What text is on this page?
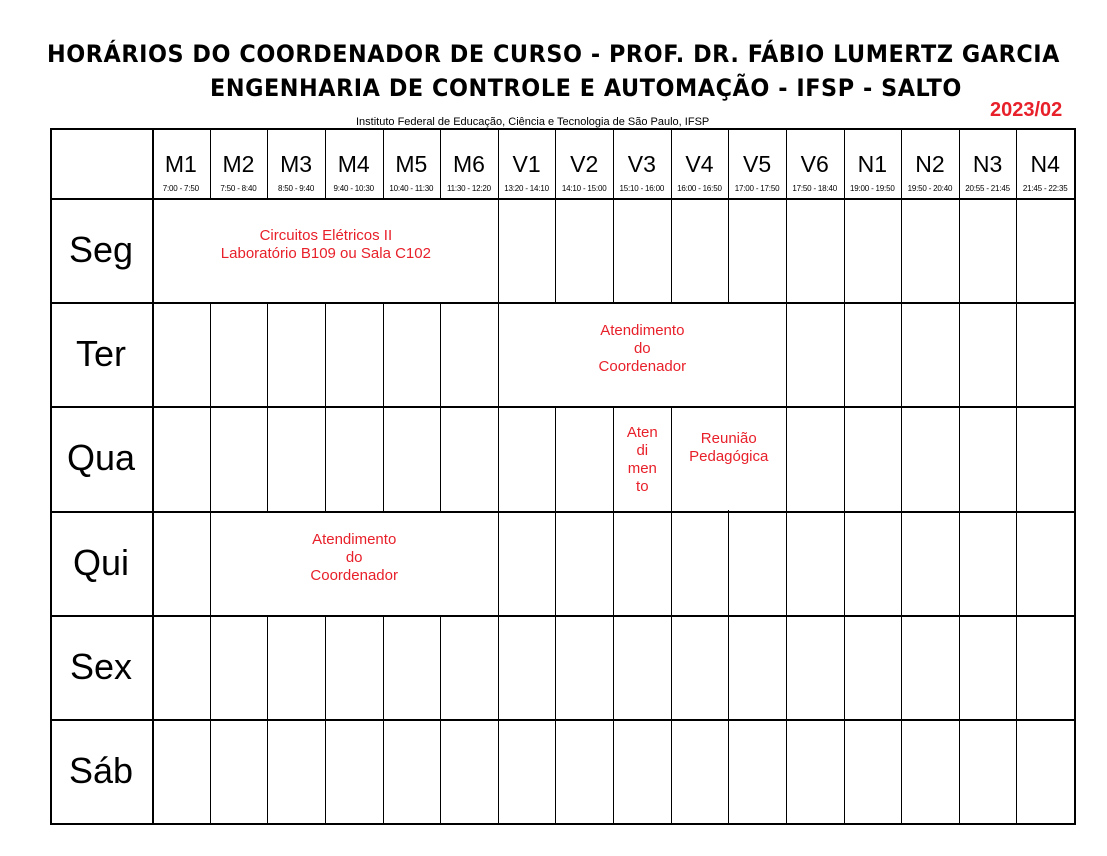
HORÁRIOS DO COORDENADOR DE CURSO - PROF. DR. FÁBIO LUMERTZ GARCIA
ENGENHARIA DE CONTROLE E AUTOMAÇÃO - IFSP - SALTO
2023/02
Instituto Federal de Educação, Ciência e Tecnologia de São Paulo, IFSP
M1
7:00 - 7:50
M2
7:50 - 8:40
M3
8:50 - 9:40
M4
9:40 - 10:30
M5
10:40 - 11:30
M6
11:30 - 12:20
V1
13:20 - 14:10
V2
14:10 - 15:00
V3
15:10 - 16:00
V4
16:00 - 16:50
V5
17:00 - 17:50
V6
17:50 - 18:40
N1
19:00 - 19:50
N2
19:50 - 20:40
N3
20:55 - 21:45
N4
21:45 - 22:35
Seg
Ter
Qua
Qui
Sex
Sáb
Circuitos Elétricos II
Laboratório B109 ou Sala C102
Atendimento
do
Coordenador
Aten
di
men
to
Reunião
Pedagógica
Atendimento
do
Coordenador
